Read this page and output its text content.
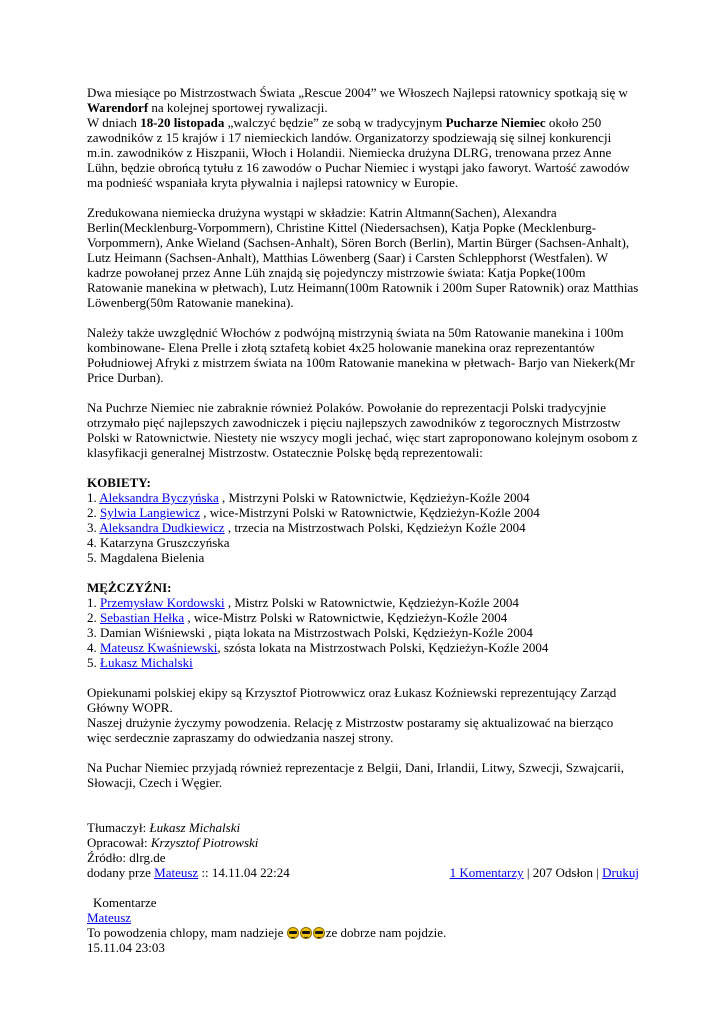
Dwa miesiące po Mistrzostwach Świata „Rescue 2004” we Włoszech Najlepsi ratownicy spotkają się w Warendorf na kolejnej sportowej rywalizacji.

W dniach 18-20 listopada „walczyć będzie” ze sobą w tradycyjnym Pucharze Niemiec około 250 zawodników z 15 krajów i 17 niemieckich landów. Organizatorzy spodziewają się silnej konkurencji m.in. zawodników z Hiszpanii, Włoch i Holandii. Niemiecka drużyna DLRG, trenowana przez Anne Lühn, będzie obrońcą tytułu z 16 zawodów o Puchar Niemiec i wystąpi jako faworyt. Wartość zawodów ma podnieść wspaniała kryta pływalnia i najlepsi ratownicy w Europie.

Zredukowana niemiecka drużyna wystąpi w składzie: Katrin Altmann(Sachen), Alexandra Berlin(Mecklenburg-Vorpommern), Christine Kittel (Niedersachsen), Katja Popke (Mecklenburg-Vorpommern), Anke Wieland (Sachsen-Anhalt), Sören Borch (Berlin), Martin Bürger (Sachsen-Anhalt), Lutz Heimann (Sachsen-Anhalt), Matthias Löwenberg (Saar) i Carsten Schlepphorst (Westfalen). W kadrze powołanej przez Anne Lüh znajdą się pojedynczy mistrzowie świata: Katja Popke(100m Ratowanie manekina w płetwach), Lutz Heimann(100m Ratownik i 200m Super Ratownik) oraz Matthias Löwenberg(50m Ratowanie manekina).

Należy także uwzględnić Włochów z podwójną mistrzynią świata na 50m Ratowanie manekina i 100m kombinowane- Elena Prelle i złotą sztafetą kobiet 4x25 holowanie manekina oraz reprezentantów Południowej Afryki z mistrzem świata na 100m Ratowanie manekina w płetwach- Barjo van Niekerk(Mr Price Durban).

Na Puchrze Niemiec nie zabraknie również Polaków. Powołanie do reprezentacji Polski tradycyjnie otrzymało pięć najlepszych zawodniczek i pięciu najlepszych zawodników z tegorocznych Mistrzostw Polski w Ratownictwie. Niestety nie wszycy mogli jechać, więc start zaproponowano kolejnym osobom z klasyfikacji generalnej Mistrzostw. Ostatecznie Polskę będą reprezentowali:

KOBIETY:

1. Aleksandra Byczyńska , Mistrzyni Polski w Ratownictwie, Kędzieżyn-Koźle 2004
2. Sylwia Langiewicz , wice-Mistrzyni Polski w Ratownictwie, Kędzieżyn-Koźle 2004
3. Aleksandra Dudkiewicz , trzecia na Mistrzostwach Polski, Kędzieżyn Koźle 2004
4. Katarzyna Gruszczyńska
5. Magdalena Bielenia

MĘŻCZYŹNI:

1. Przemysław Kordowski , Mistrz Polski w Ratownictwie, Kędzieżyn-Koźle 2004
2. Sebastian Hełka , wice-Mistrz Polski w Ratownictwie, Kędzieżyn-Koźle 2004
3. Damian Wiśniewski , piąta lokata na Mistrzostwach Polski, Kędzieżyn-Koźle 2004
4. Mateusz Kwaśniewski, szósta lokata na Mistrzostwach Polski, Kędzieżyn-Koźle 2004
5. Łukasz Michalski

Opiekunami polskiej ekipy są Krzysztof Piotrowwicz oraz Łukasz Koźniewski reprezentujący Zarząd Główny WOPR.

Naszej drużynie życzymy powodzenia. Relację z Mistrzostw postaramy się aktualizować na bierząco więc serdecznie zapraszamy do odwiedzania naszej strony.

Na Puchar Niemiec przyjadą również reprezentacje z Belgii, Dani, Irlandii, Litwy, Szwecji, Szwajcarii, Słowacji, Czech i Węgier.

Tłumaczył: Łukasz Michalski

Opracował: Krzysztof Piotrowski

Źródło: dlrg.de

dodany prze Mateusz :: 14.11.04 22:24	1 Komentarzy | 207 Odsłon | Drukuj

Komentarze

Mateusz
To powodzenia chlopy, mam nadzieje	ze dobrze nam pojdzie.
15.11.04 23:03
